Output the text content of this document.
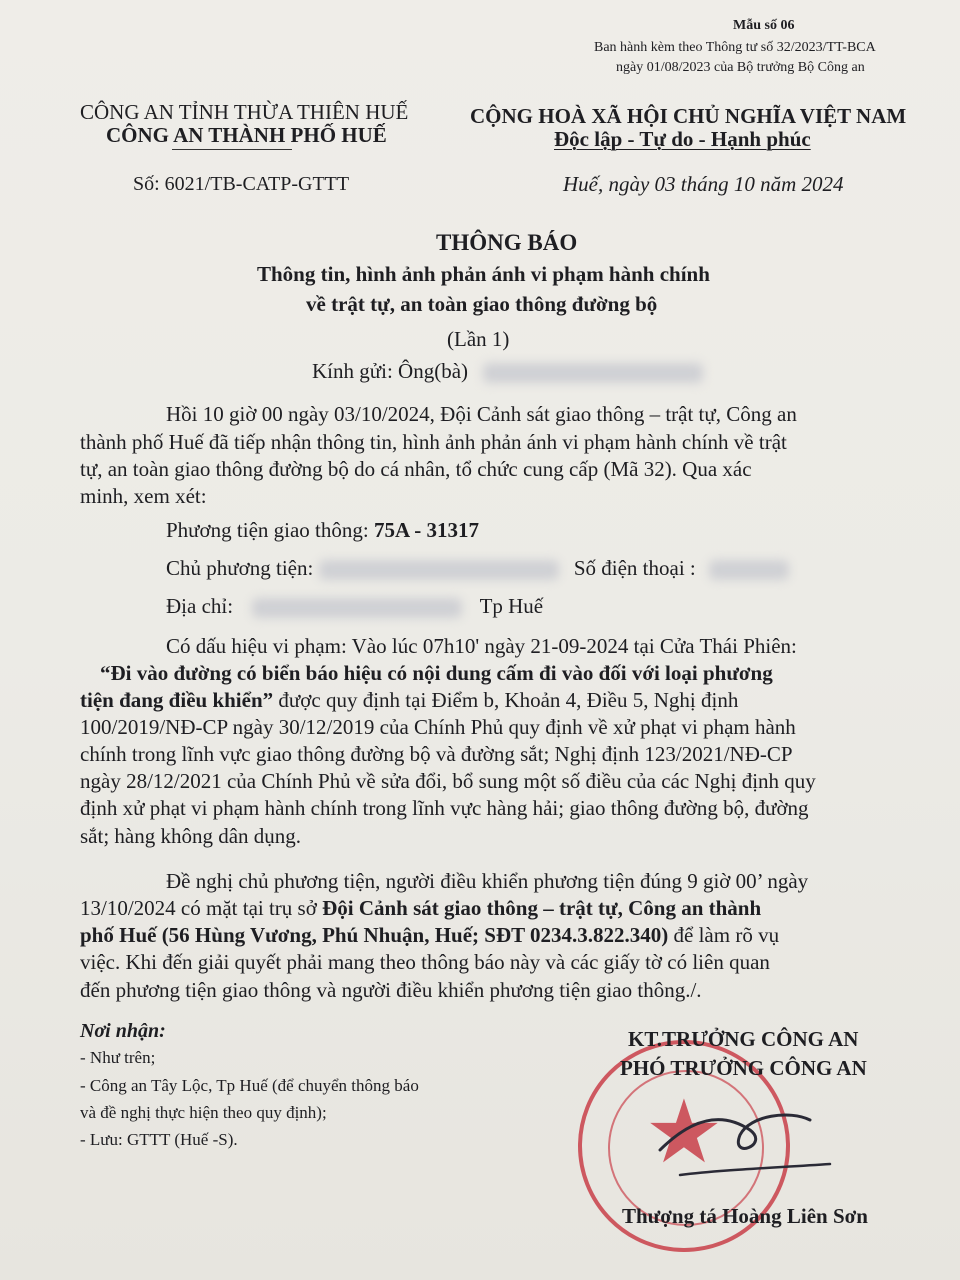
Mẫu số 06
Ban hành kèm theo Thông tư số 32/2023/TT-BCA
ngày 01/08/2023 của Bộ trưởng Bộ Công an
CÔNG AN TỈNH THỪA THIÊN HUẾ
CÔNG AN THÀNH PHỐ HUẾ
Số: 6021/TB-CATP-GTTT
CỘNG HOÀ XÃ HỘI CHỦ NGHĨA VIỆT NAM
Độc lập - Tự do - Hạnh phúc
Huế, ngày 03 tháng 10 năm 2024
THÔNG BÁO
Thông tin, hình ảnh phản ánh vi phạm hành chính
về trật tự, an toàn giao thông đường bộ
(Lần 1)
Kính gửi: Ông(bà)
Hồi 10 giờ 00 ngày 03/10/2024, Đội Cảnh sát giao thông – trật tự, Công an
thành phố Huế đã tiếp nhận thông tin, hình ảnh phản ánh vi phạm hành chính về trật
tự, an toàn giao thông đường bộ do cá nhân, tổ chức cung cấp (Mã 32). Qua xác
minh, xem xét:
Phương tiện giao thông: 75A - 31317
Chủ phương tiện:	Số điện thoại :
Địa chỉ:	Tp Huế
Có dấu hiệu vi phạm: Vào lúc 07h10' ngày 21-09-2024 tại Cửa Thái Phiên:
“Đi vào đường có biển báo hiệu có nội dung cấm đi vào đối với loại phương
tiện đang điều khiển” được quy định tại Điểm b, Khoản 4, Điều 5, Nghị định
100/2019/NĐ-CP ngày 30/12/2019 của Chính Phủ quy định về xử phạt vi phạm hành
chính trong lĩnh vực giao thông đường bộ và đường sắt; Nghị định 123/2021/NĐ-CP
ngày 28/12/2021 của Chính Phủ về sửa đổi, bổ sung một số điều của các Nghị định quy
định xử phạt vi phạm hành chính trong lĩnh vực hàng hải; giao thông đường bộ, đường
sắt; hàng không dân dụng.
Đề nghị chủ phương tiện, người điều khiển phương tiện đúng 9 giờ 00’ ngày
13/10/2024 có mặt tại trụ sở Đội Cảnh sát giao thông – trật tự, Công an thành
phố Huế (56 Hùng Vương, Phú Nhuận, Huế; SĐT 0234.3.822.340) để làm rõ vụ
việc. Khi đến giải quyết phải mang theo thông báo này và các giấy tờ có liên quan
đến phương tiện giao thông và người điều khiển phương tiện giao thông./.
Nơi nhận:
- Như trên;
- Công an Tây Lộc, Tp Huế (để chuyển thông báo
và đề nghị thực hiện theo quy định);
- Lưu: GTTT (Huế -S).	★
KT.TRƯỞNG CÔNG AN
PHÓ TRƯỞNG CÔNG AN
Thượng tá Hoàng Liên Sơn
